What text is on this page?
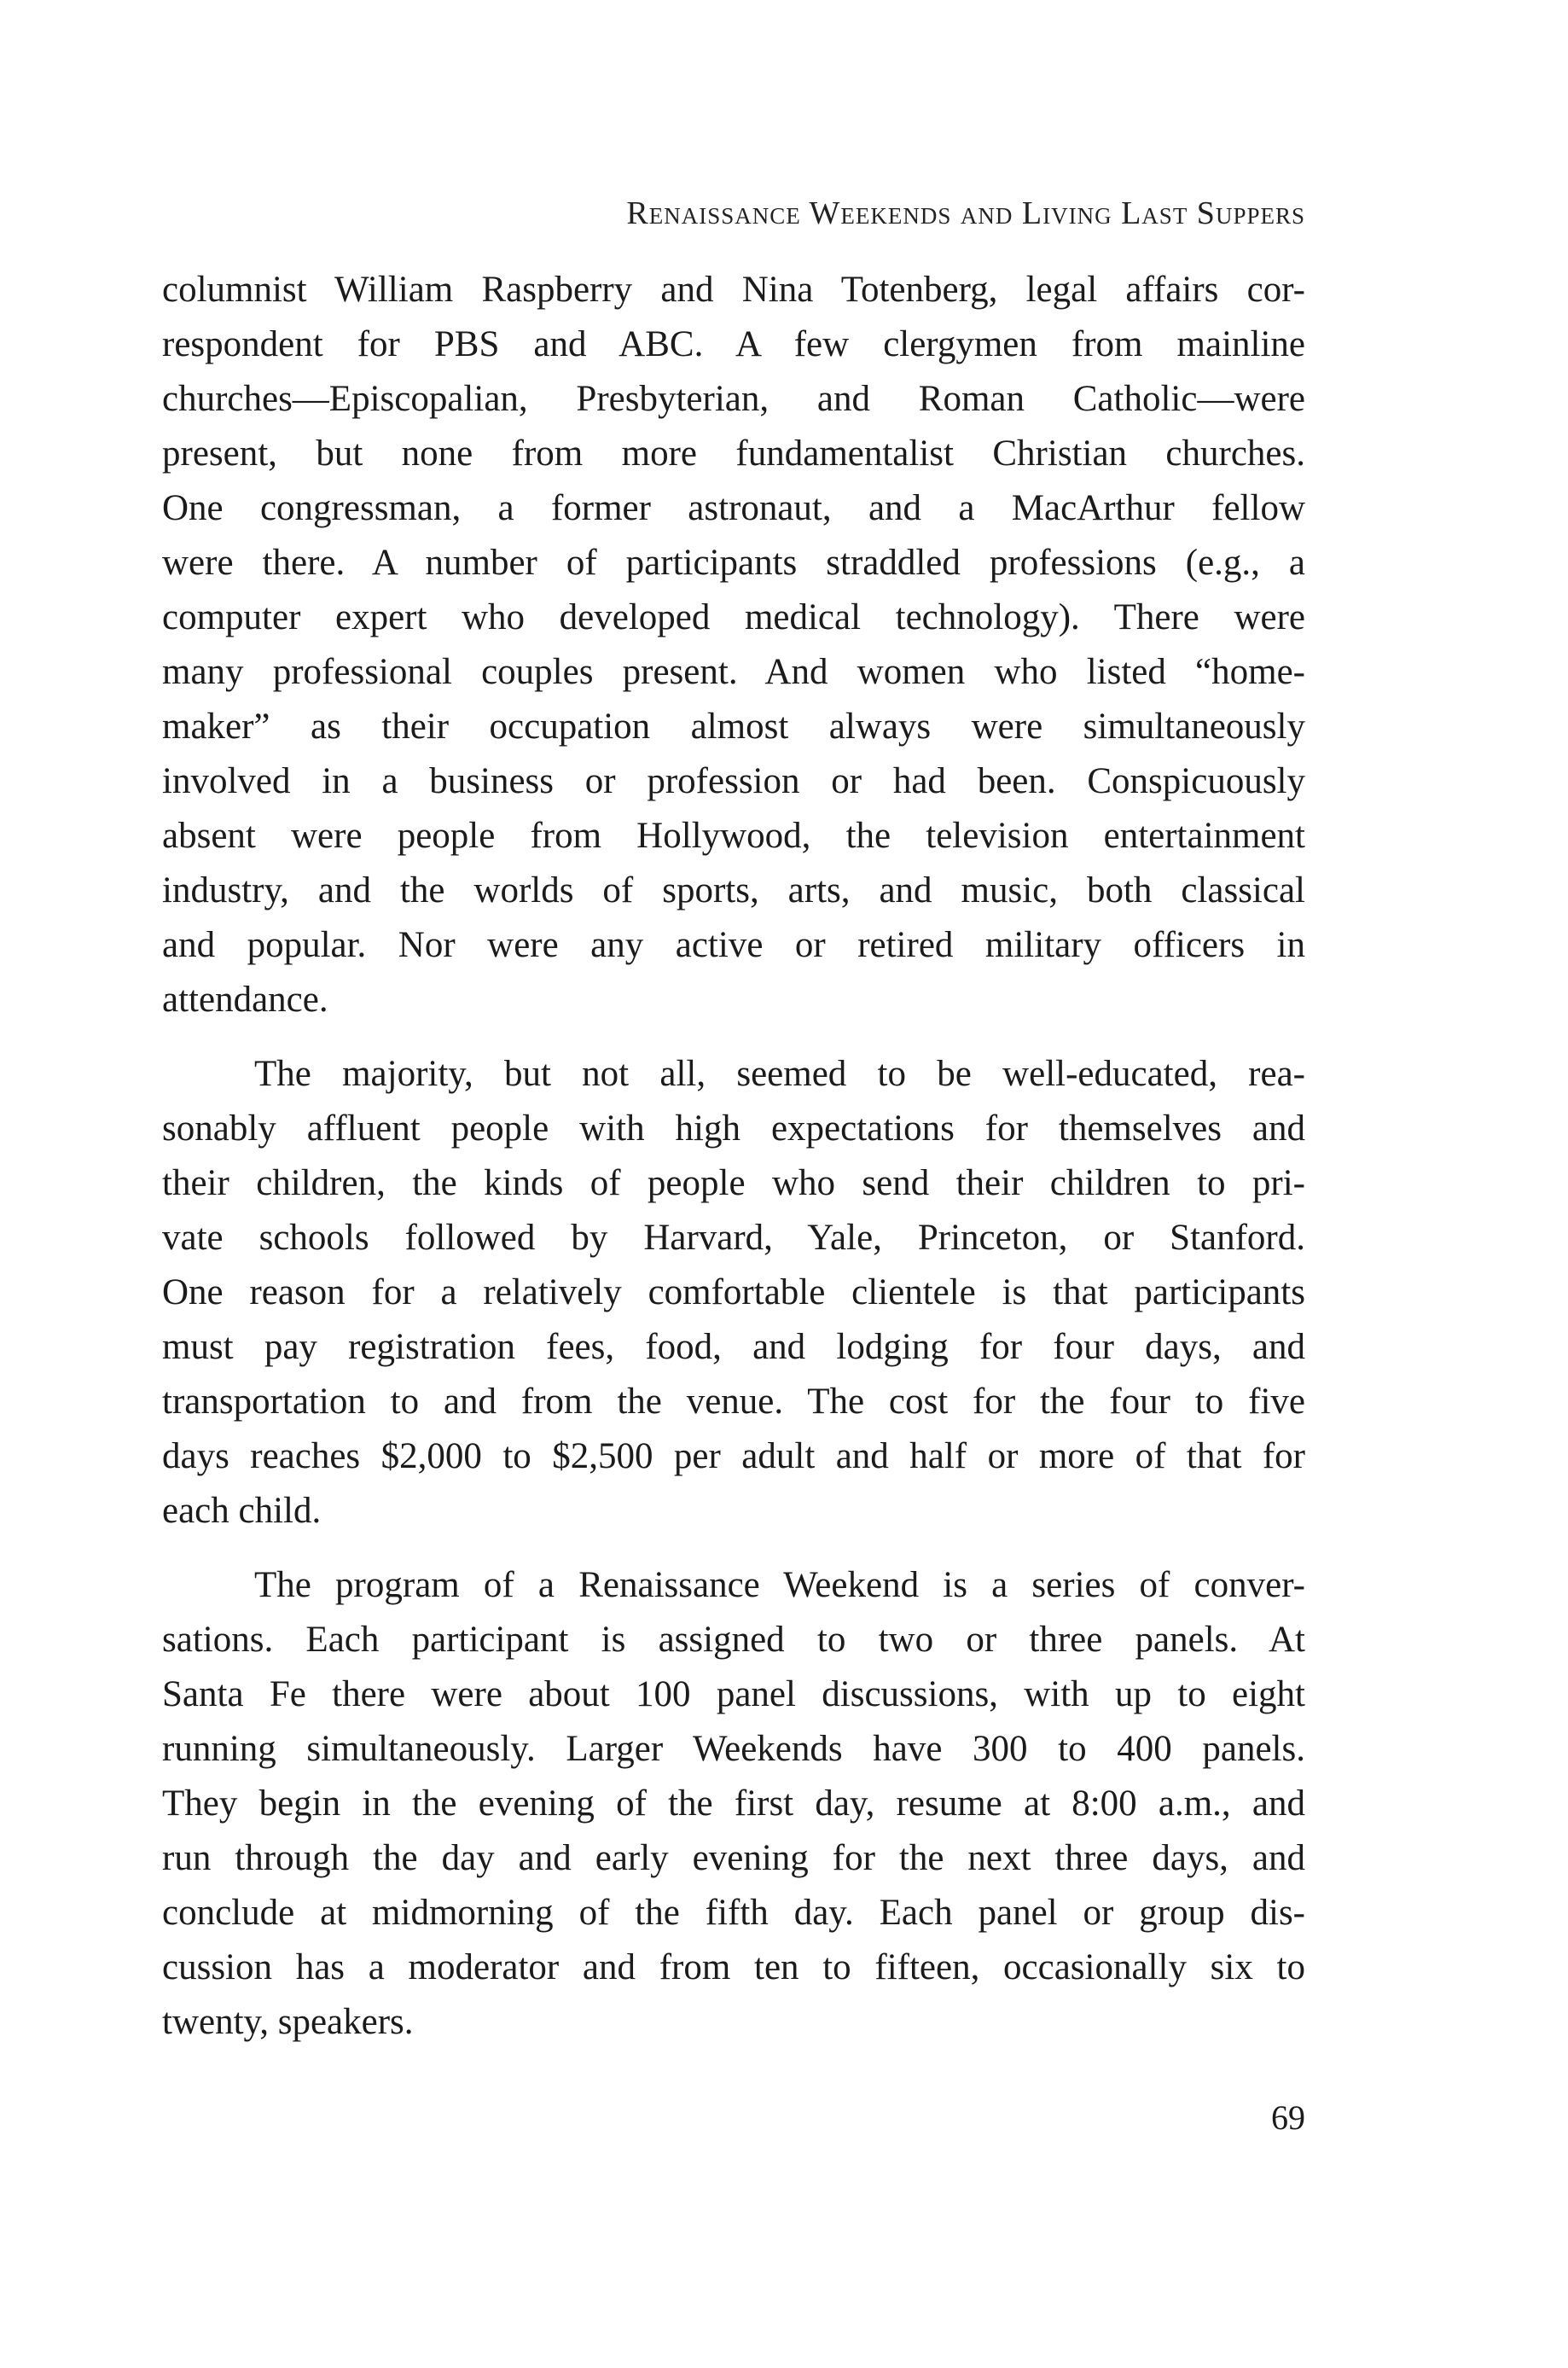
Renaissance Weekends and Living Last Suppers

columnist William Raspberry and Nina Totenberg, legal affairs cor-
respondent for PBS and ABC. A few clergymen from mainline
churches—Episcopalian, Presbyterian, and Roman Catholic—were
present, but none from more fundamentalist Christian churches.
One congressman, a former astronaut, and a MacArthur fellow
were there. A number of participants straddled professions (e.g., a
computer expert who developed medical technology). There were
many professional couples present. And women who listed “home-
maker” as their occupation almost always were simultaneously
involved in a business or profession or had been. Conspicuously
absent were people from Hollywood, the television entertainment
industry, and the worlds of sports, arts, and music, both classical
and popular. Nor were any active or retired military officers in
attendance.

The majority, but not all, seemed to be well-educated, rea-
sonably affluent people with high expectations for themselves and
their children, the kinds of people who send their children to pri-
vate schools followed by Harvard, Yale, Princeton, or Stanford.
One reason for a relatively comfortable clientele is that participants
must pay registration fees, food, and lodging for four days, and
transportation to and from the venue. The cost for the four to five
days reaches $2,000 to $2,500 per adult and half or more of that for
each child.

The program of a Renaissance Weekend is a series of conver-
sations. Each participant is assigned to two or three panels. At
Santa Fe there were about 100 panel discussions, with up to eight
running simultaneously. Larger Weekends have 300 to 400 panels.
They begin in the evening of the first day, resume at 8:00 a.m., and
run through the day and early evening for the next three days, and
conclude at midmorning of the fifth day. Each panel or group dis-
cussion has a moderator and from ten to fifteen, occasionally six to
twenty, speakers.

69
